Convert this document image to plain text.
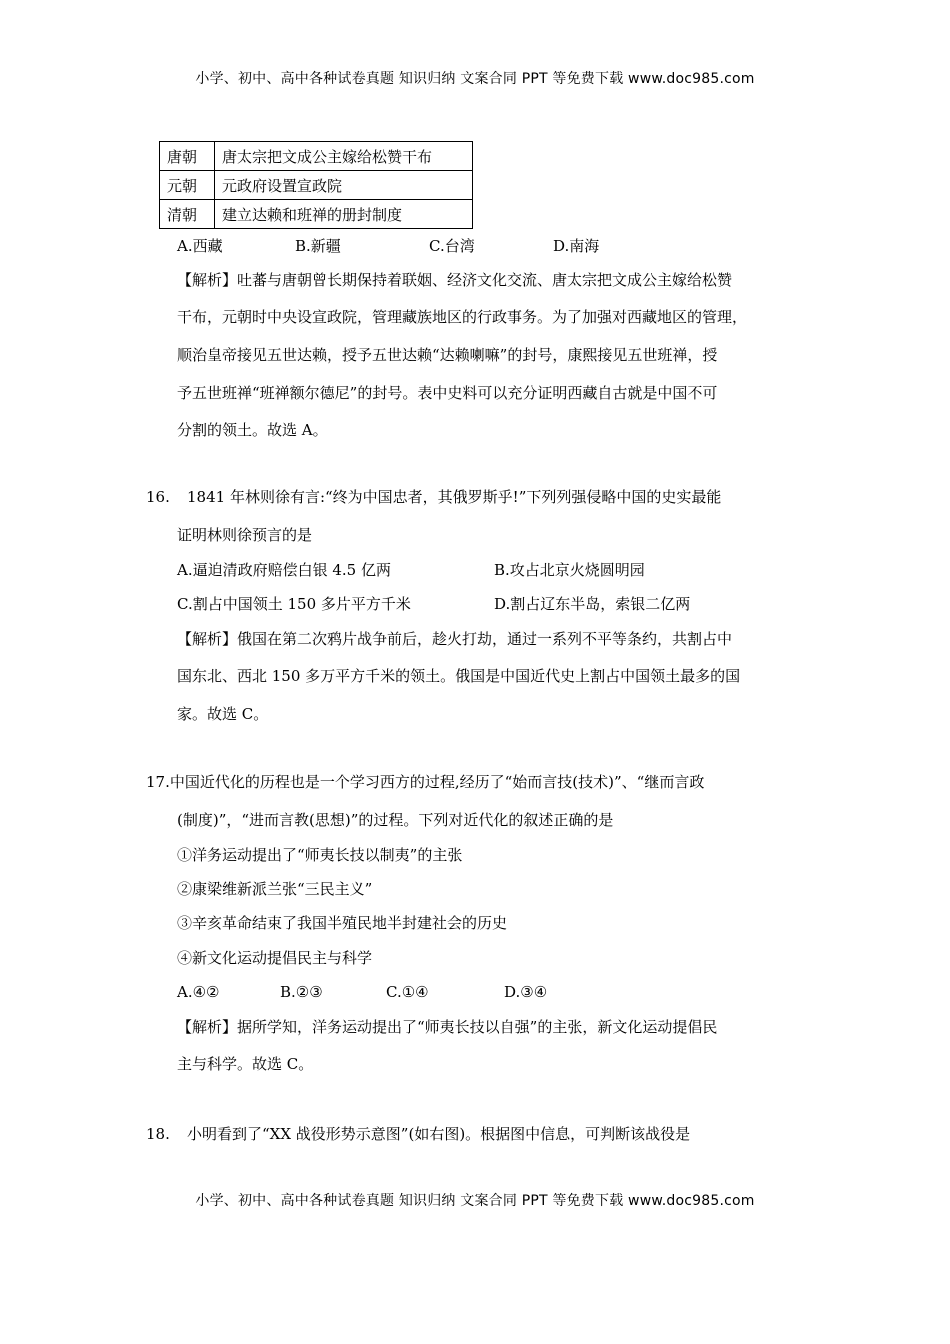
小学、初中、高中各种试卷真题 知识归纳 文案合同 PPT 等免费下载 www.doc985.com
唐朝	唐太宗把文成公主嫁给松赞干布
元朝	元政府设置宣政院
清朝	建立达赖和班禅的册封制度
A.西藏	B.新疆	C.台湾	D.南海
【解析】吐蕃与唐朝曾长期保持着联姻、经济文化交流、唐太宗把文成公主嫁给松赞
干布，元朝时中央设宣政院，管理藏族地区的行政事务。为了加强对西藏地区的管理，
顺治皇帝接见五世达赖，授予五世达赖“达赖喇嘛”的封号，康熙接见五世班禅，授
予五世班禅“班禅额尔德尼”的封号。表中史料可以充分证明西藏自古就是中国不可
分割的领土。故选 A。
16. 1841 年林则徐有言:“终为中国忠者，其俄罗斯乎!”下列列强侵略中国的史实最能
证明林则徐预言的是
A.逼迫清政府赔偿白银 4.5 亿两	B.攻占北京火烧圆明园
C.割占中国领土 150 多片平方千米	D.割占辽东半岛，索银二亿两
【解析】俄国在第二次鸦片战争前后，趁火打劫，通过一系列不平等条约，共割占中
国东北、西北 150 多万平方千米的领土。俄国是中国近代史上割占中国领土最多的国
家。故选 C。
17.中国近代化的历程也是一个学习西方的过程,经历了“始而言技(技术)”、“继而言政
(制度)”，“进而言教(思想)”的过程。下列对近代化的叙述正确的是
①洋务运动提出了“师夷长技以制夷”的主张
②康梁维新派兰张“三民主义”
③辛亥革命结束了我国半殖民地半封建社会的历史
④新文化运动提倡民主与科学
A.④②	B.②③	C.①④	D.③④
【解析】据所学知，洋务运动提出了“师夷长技以自强”的主张，新文化运动提倡民
主与科学。故选 C。
18. 小明看到了“XX 战役形势示意图”(如右图)。根据图中信息，可判断该战役是
小学、初中、高中各种试卷真题 知识归纳 文案合同 PPT 等免费下载 www.doc985.com
